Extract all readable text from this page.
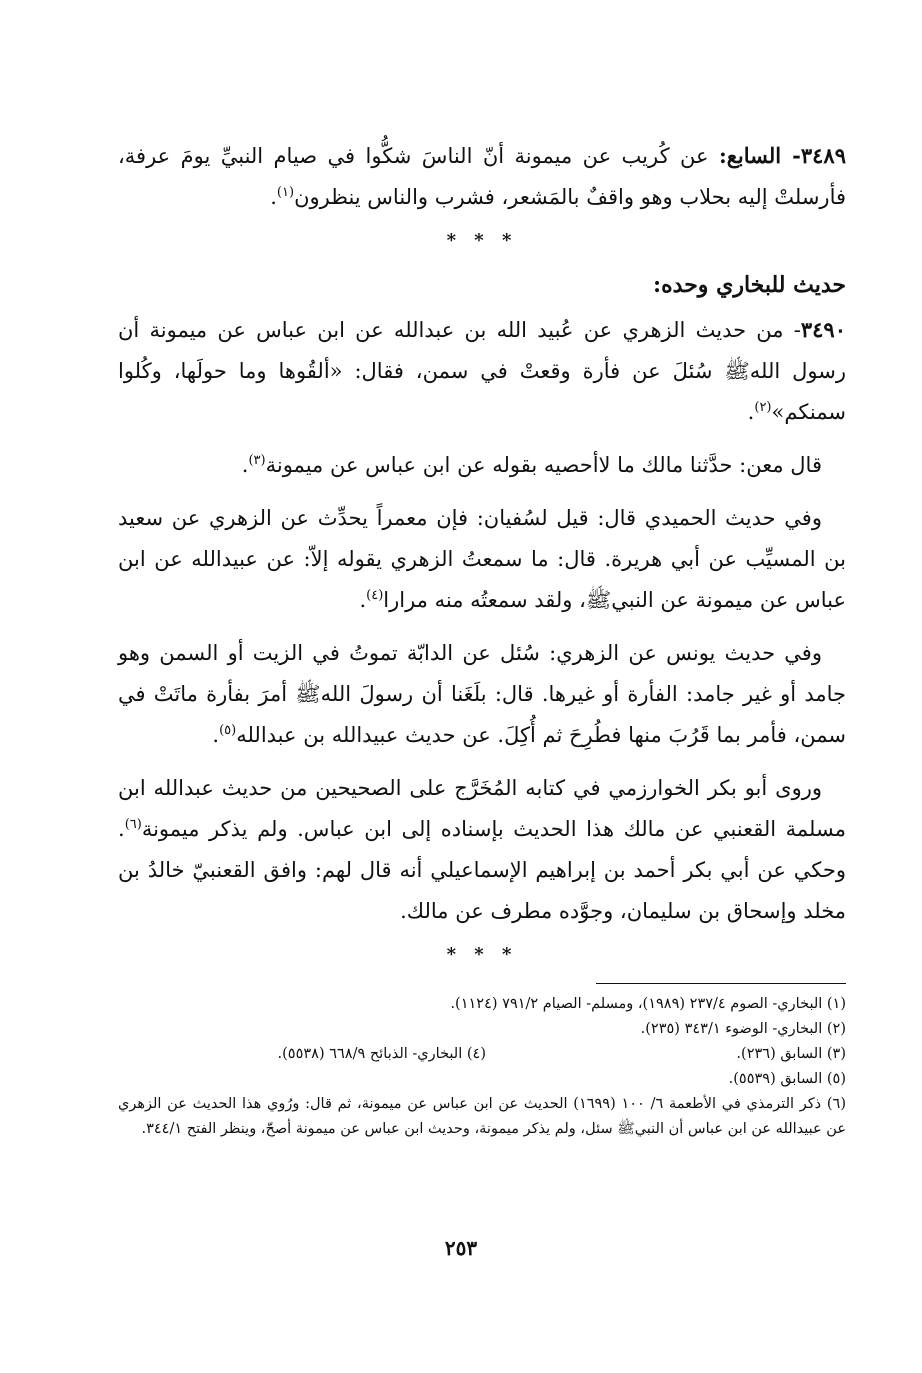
٣٤٨٩- السابع: عن كُريب عن ميمونة أنّ الناسَ شكُّوا في صيام النبيِّ يومَ عرفة، فأرسلتْ إليه بحلاب وهو واقفٌ بالمَشعر، فشرب والناس ينظرون$^{(١)}$.

* * *
حديث للبخاري وحده:

٣٤٩٠- من حديث الزهري عن عُبيد الله بن عبدالله عن ابن عباس عن ميمونة أن رسول اللهﷺ سُئلَ عن فأرة وقعتْ في سمن، فقال: «ألقُوها وما حولَها، وكُلوا سمنكم»$^{(٢)}$.

قال معن: حدَّثنا مالك ما لاأحصيه بقوله عن ابن عباس عن ميمونة$^{(٣)}$.

وفي حديث الحميدي قال: قيل لسُفيان: فإن معمراً يحدِّث عن الزهري عن سعيد بن المسيِّب عن أبي هريرة. قال: ما سمعتُ الزهري يقوله إلاّ: عن عبيدالله عن ابن عباس عن ميمونة عن النبيﷺ، ولقد سمعتُه منه مرارا$^{(٤)}$.

وفي حديث يونس عن الزهري: سُئل عن الدابّة تموتُ في الزيت أو السمن وهو جامد أو غير جامد: الفأرة أو غيرها. قال: بلَغَنا أن رسولَ اللهﷺ أمرَ بفأرة ماتَتْ في سمن، فأمر بما قَرُبَ منها فطُرِحَ ثم أُكِلَ. عن حديث عبيدالله بن عبدالله$^{(٥)}$.

وروى أبو بكر الخوارزمي في كتابه المُخَرَّج على الصحيحين من حديث عبدالله ابن مسلمة القعنبي عن مالك هذا الحديث بإسناده إلى ابن عباس. ولم يذكر ميمونة$^{(٦)}$. وحكي عن أبي بكر أحمد بن إبراهيم الإسماعيلي أنه قال لهم: وافق القعنبيّ خالدُ بن مخلد وإسحاق بن سليمان، وجوَّده مطرف عن مالك.

* * *

(١) البخاري- الصوم ٢٣٧/٤ (١٩٨٩)، ومسلم- الصيام ٧٩١/٢ (١١٢٤).

(٢) البخاري- الوضوء ٣٤٣/١ (٢٣٥).

(٣) السابق (٢٣٦).

(٤) البخاري- الذبائح ٦٦٨/٩ (٥٥٣٨).

(٥) السابق (٥٥٣٩).

(٦) ذكر الترمذي في الأطعمة ٦/ ١٠٠ (١٦٩٩) الحديث عن ابن عباس عن ميمونة، ثم قال: ورُوي هذا الحديث عن الزهري عن عبيدالله عن ابن عباس أن النبيﷺ سئل، ولم يذكر ميمونة، وحديث ابن عباس عن ميمونة أصحّ، وينظر الفتح ٣٤٤/١.

٢٥٣
